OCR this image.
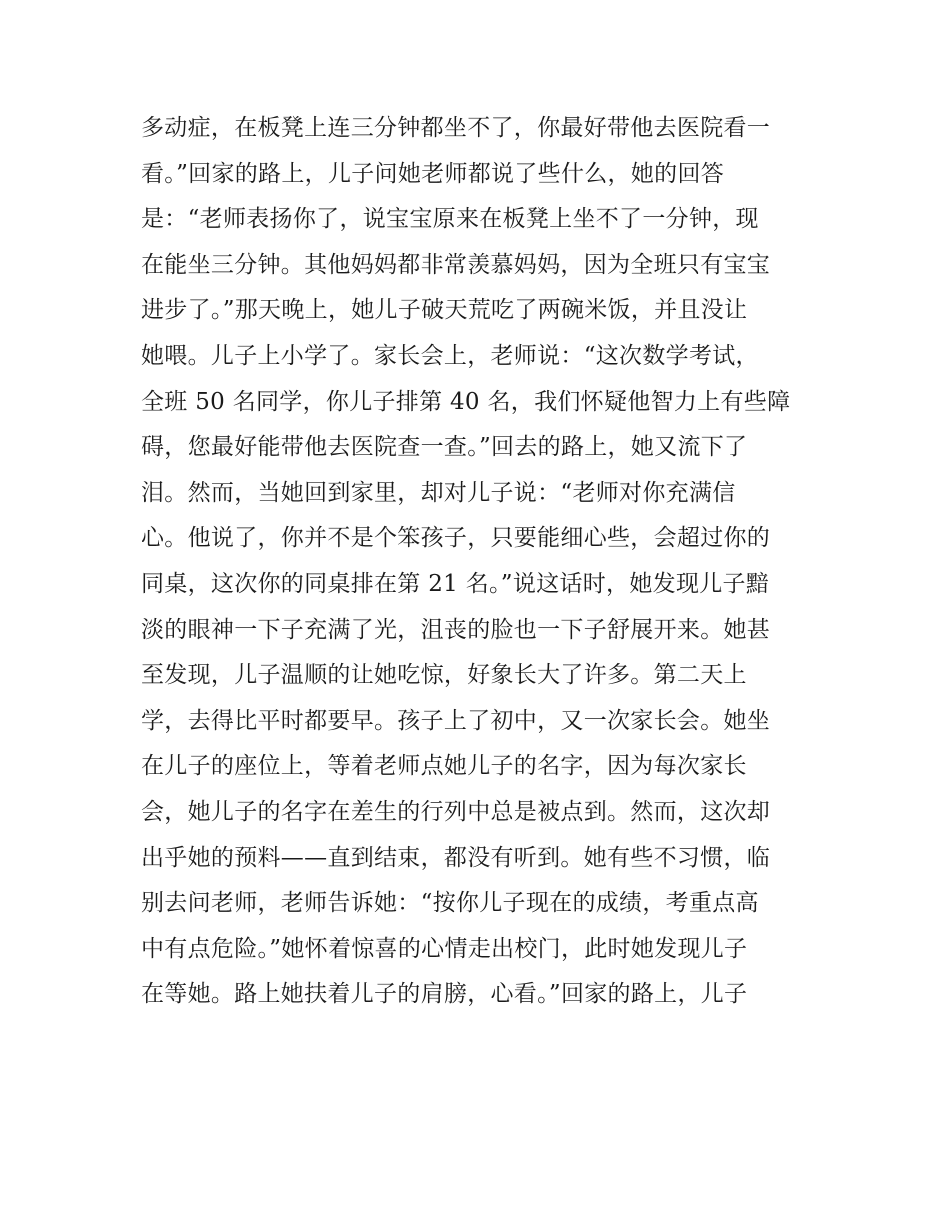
多动症，在板凳上连三分钟都坐不了，你最好带他去医院看一
看。”回家的路上，儿子问她老师都说了些什么，她的回答
是：“老师表扬你了，说宝宝原来在板凳上坐不了一分钟，现
在能坐三分钟。其他妈妈都非常羡慕妈妈，因为全班只有宝宝
进步了。”那天晚上，她儿子破天荒吃了两碗米饭，并且没让
她喂。儿子上小学了。家长会上，老师说：“这次数学考试，
全班 50 名同学，你儿子排第 40 名，我们怀疑他智力上有些障
碍，您最好能带他去医院查一查。”回去的路上，她又流下了
泪。然而，当她回到家里，却对儿子说：“老师对你充满信
心。他说了，你并不是个笨孩子，只要能细心些，会超过你的
同桌，这次你的同桌排在第 21 名。”说这话时，她发现儿子黯
淡的眼神一下子充满了光，沮丧的脸也一下子舒展开来。她甚
至发现，儿子温顺的让她吃惊，好象长大了许多。第二天上
学，去得比平时都要早。孩子上了初中，又一次家长会。她坐
在儿子的座位上，等着老师点她儿子的名字，因为每次家长
会，她儿子的名字在差生的行列中总是被点到。然而，这次却
出乎她的预料——直到结束，都没有听到。她有些不习惯，临
别去问老师，老师告诉她：“按你儿子现在的成绩，考重点高
中有点危险。”她怀着惊喜的心情走出校门，此时她发现儿子
在等她。路上她扶着儿子的肩膀，心看。”回家的路上，儿子
